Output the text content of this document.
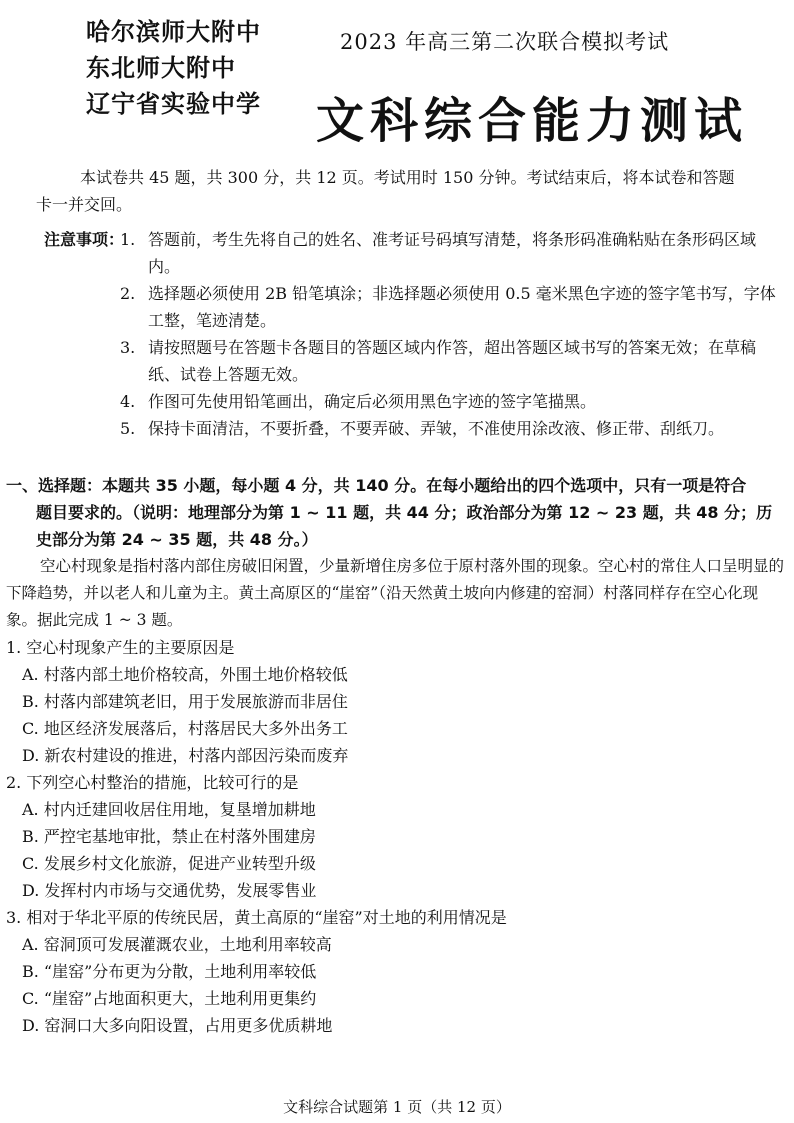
哈尔滨师大附中
东北师大附中
辽宁省实验中学
2023 年高三第二次联合模拟考试
文科综合能力测试

本试卷共 45 题，共 300 分，共 12 页。考试用时 150 分钟。考试结束后，将本试卷和答题

卡一并交回。

注意事项：
1. 答题前，考生先将自己的姓名、准考证号码填写清楚，将条形码准确粘贴在条形码区域内。
2. 选择题必须使用 2B 铅笔填涂；非选择题必须使用 0.5 毫米黑色字迹的签字笔书写，字体工整，笔迹清楚。
3. 请按照题号在答题卡各题目的答题区域内作答，超出答题区域书写的答案无效；在草稿纸、试卷上答题无效。
4. 作图可先使用铅笔画出，确定后必须用黑色字迹的签字笔描黑。
5. 保持卡面清洁，不要折叠，不要弄破、弄皱，不准使用涂改液、修正带、刮纸刀。

一、选择题：本题共 35 小题，每小题 4 分，共 140 分。在每小题给出的四个选项中，只有一项是符合
题目要求的。（说明：地理部分为第 1 ~ 11 题，共 44 分；政治部分为第 12 ~ 23 题，共 48 分；历史部分为第 24 ~ 35 题，共 48 分。）

空心村现象是指村落内部住房破旧闲置，少量新增住房多位于原村落外围的现象。空心村的常住人口呈明显的下降趋势，并以老人和儿童为主。黄土高原区的“崖窑”（沿天然黄土坡向内修建的窑洞）村落同样存在空心化现象。据此完成 1 ~ 3 题。

1. 空心村现象产生的主要原因是

A. 村落内部土地价格较高，外围土地价格较低

B. 村落内部建筑老旧，用于发展旅游而非居住

C. 地区经济发展落后，村落居民大多外出务工

D. 新农村建设的推进，村落内部因污染而废弃

2. 下列空心村整治的措施，比较可行的是

A. 村内迁建回收居住用地，复垦增加耕地

B. 严控宅基地审批，禁止在村落外围建房

C. 发展乡村文化旅游，促进产业转型升级

D. 发挥村内市场与交通优势，发展零售业

3. 相对于华北平原的传统民居，黄土高原的“崖窑”对土地的利用情况是

A. 窑洞顶可发展灌溉农业，土地利用率较高

B. “崖窑”分布更为分散，土地利用率较低

C. “崖窑”占地面积更大，土地利用更集约

D. 窑洞口大多向阳设置，占用更多优质耕地

文科综合试题第 1 页（共 12 页）
